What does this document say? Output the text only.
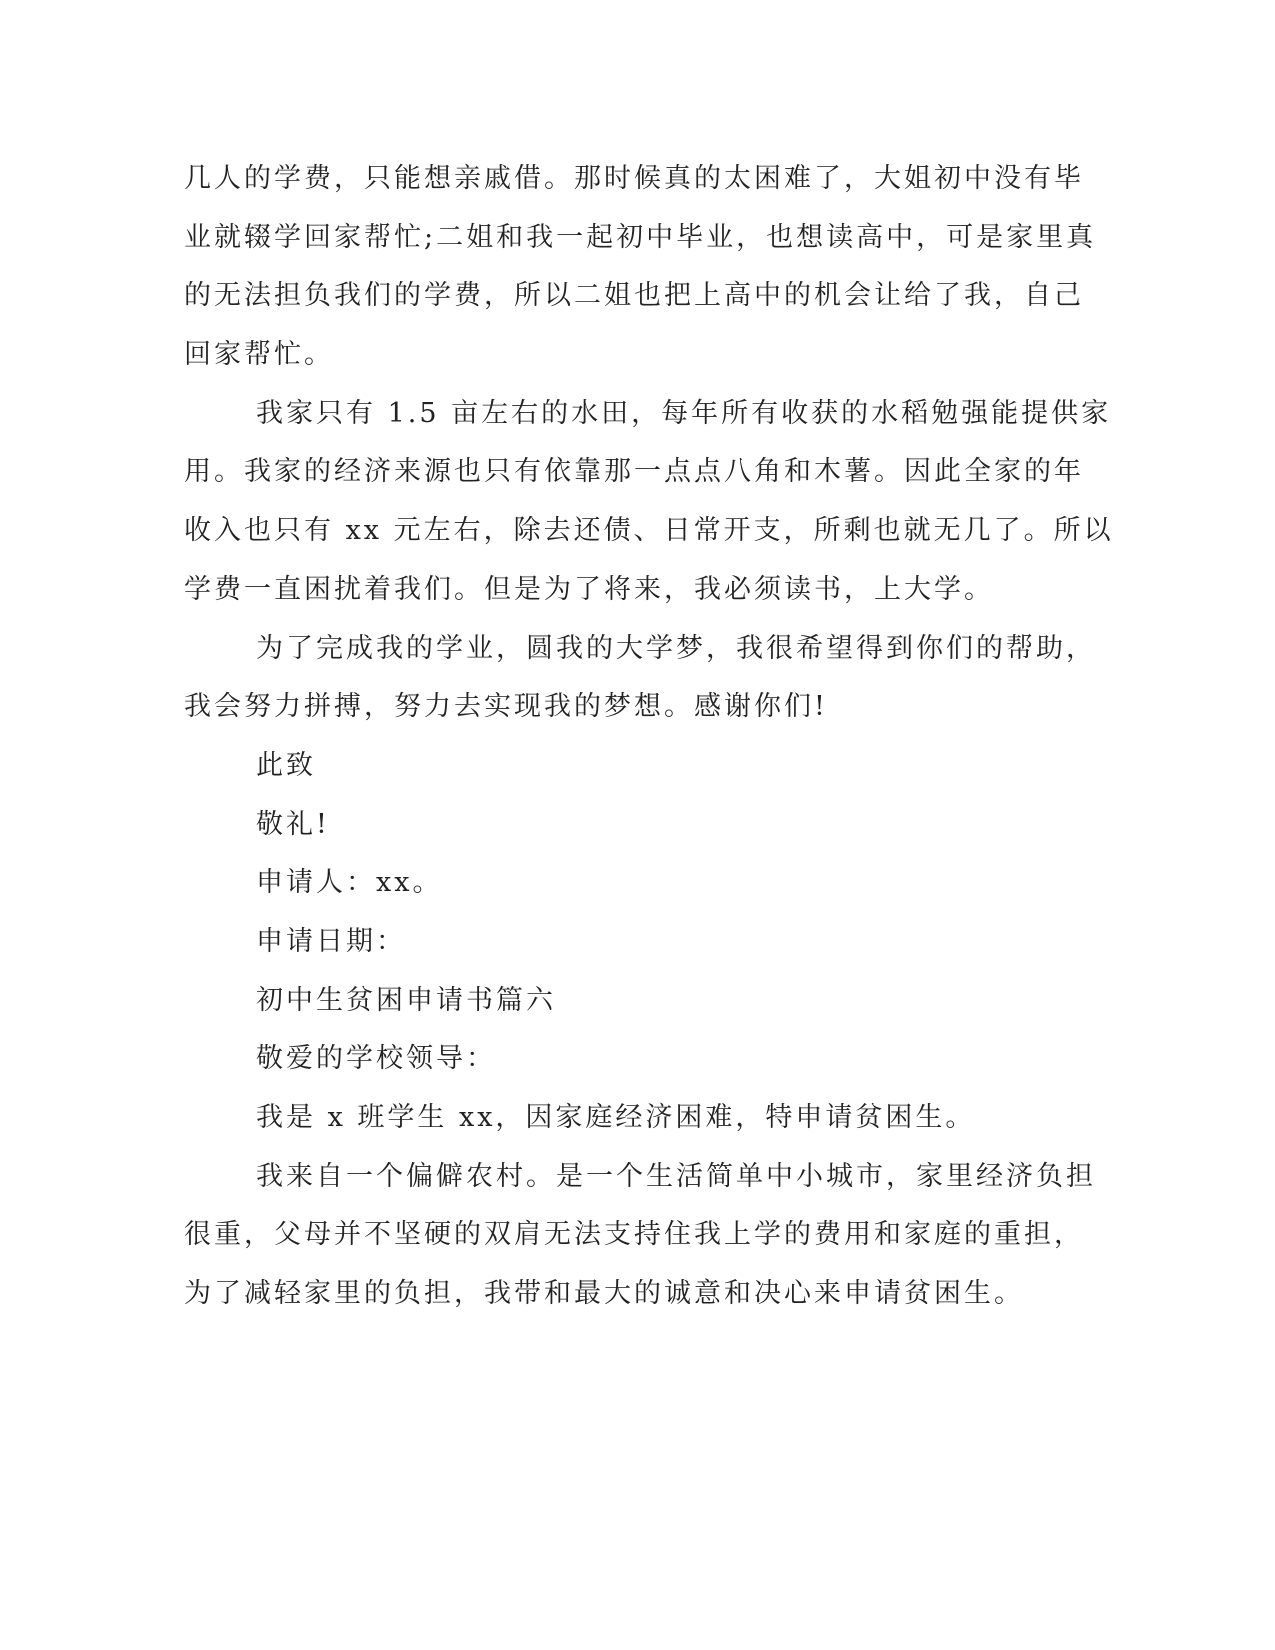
几人的学费，只能想亲戚借。那时候真的太困难了，大姐初中没有毕
业就辍学回家帮忙;二姐和我一起初中毕业，也想读高中，可是家里真
的无法担负我们的学费，所以二姐也把上高中的机会让给了我，自己
回家帮忙。
我家只有 1.5 亩左右的水田，每年所有收获的水稻勉强能提供家
用。我家的经济来源也只有依靠那一点点八角和木薯。因此全家的年
收入也只有 xx 元左右，除去还债、日常开支，所剩也就无几了。所以
学费一直困扰着我们。但是为了将来，我必须读书，上大学。
为了完成我的学业，圆我的大学梦，我很希望得到你们的帮助，
我会努力拼搏，努力去实现我的梦想。感谢你们!
此致
敬礼!
申请人：xx。
申请日期：
初中生贫困申请书篇六
敬爱的学校领导：
我是 x 班学生 xx，因家庭经济困难，特申请贫困生。
我来自一个偏僻农村。是一个生活简单中小城市，家里经济负担
很重，父母并不坚硬的双肩无法支持住我上学的费用和家庭的重担，
为了减轻家里的负担，我带和最大的诚意和决心来申请贫困生。
